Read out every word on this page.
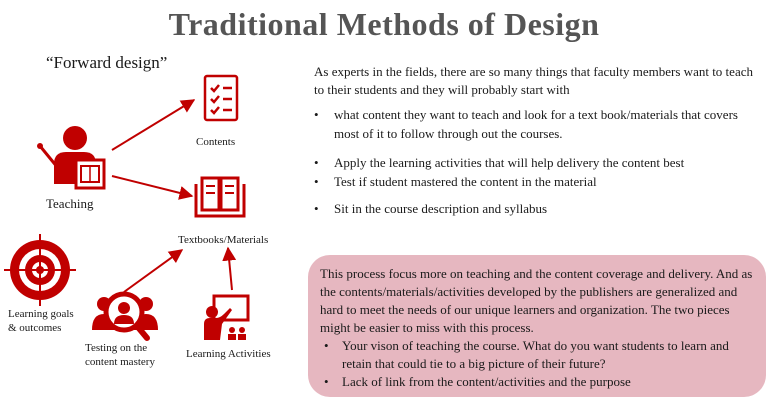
Traditional Methods of Design
“Forward design”
Teaching
Contents
Textbooks/Materials
Learning goals & outcomes
Testing on the content mastery
Learning Activities
As experts in the fields, there are so many things that faculty members want to teach to their students and they will probably start with
• what content they want to teach and look for a text book/materials that covers most of it to follow through out the courses.
• Apply the learning activities that will help delivery the content best
• Test if student mastered the content in the material
• Sit in the course description and syllabus

This process focus more on teaching and the content coverage and delivery. And as the contents/materials/activities developed by the publishers are generalized and hard to meet the needs of our unique learners and organization. The two pieces might be easier to miss with this process.

• Your vison of teaching the course. What do you want students to learn and retain that could tie to a big picture of their future?
• Lack of link from the content/activities and the purpose
